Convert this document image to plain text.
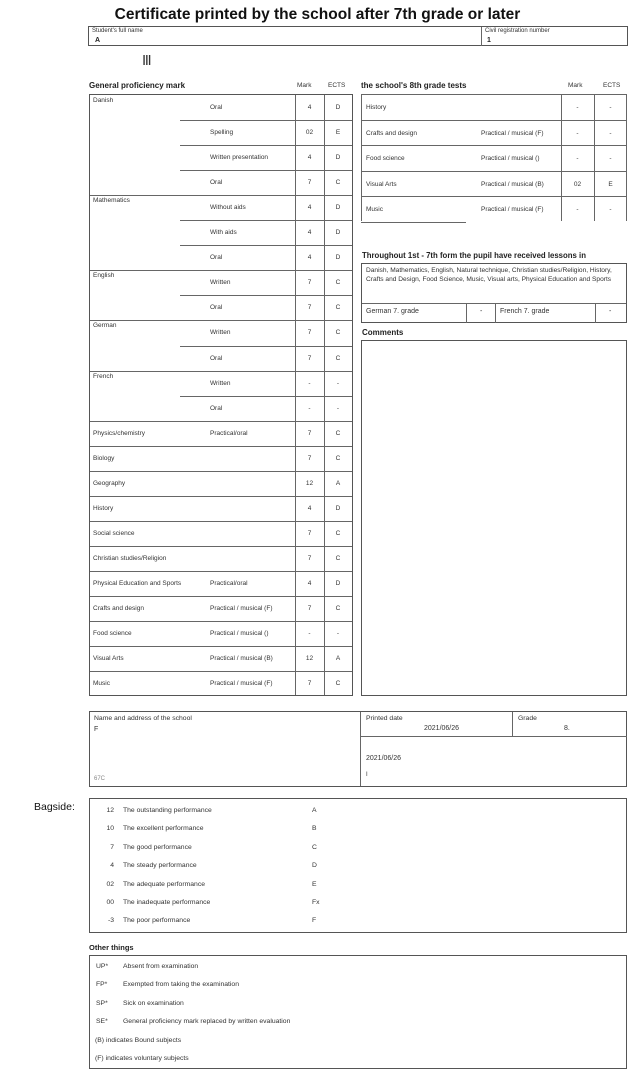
Certificate printed by the school after 7th grade or later
Student's full name
A
Civil registration number
1
Ⅲ
General proficiency mark	Mark	ECTS
Danish
Oral	4	D
Spelling	02	E
Written presentation	4	D
Oral	7	C
Mathematics
Without aids	4	D
With aids	4	D
Oral	4	D
English
Written	7	C
Oral	7	C
German
Written	7	C
Oral	7	C
French
Written	-	-
Oral	-	-
Physics/chemistry	Practical/oral	7	C
Biology	7	C
Geography	12	A
History	4	D
Social science	7	C
Christian studies/Religion	7	C
Physical Education and Sports	Practical/oral	4	D
Crafts and design	Practical / musical (F)	7	C
Food science	Practical / musical ()	-	-
Visual Arts	Practical / musical (B)	12	A
Music	Practical / musical (F)	7	C
the school's 8th grade tests	Mark	ECTS
History	-	-
Crafts and design	Practical / musical (F)	-	-
Food science	Practical / musical ()	-	-
Visual Arts	Practical / musical (B)	02	E
Music	Practical / musical (F)	-	-
Throughout 1st - 7th form the pupil have received lessons in
Danish, Mathematics, English, Natural technique, Christian studies/Religion, History, Crafts and Design, Food Science, Music, Visual arts, Physical Education and Sports
German 7. grade	-	French 7. grade	-
Comments
Name and address of the school
F
67C
Printed date
2021/06/26
Grade
8.
2021/06/26
I
Bagside:	12 The outstanding performance	A
10 The excellent performance	B
7 The good performance	C
4 The steady performance	D
02 The adequate performance	E
00 The inadequate performance	Fx
-3 The poor performance	F
Other things
UP* Absent from examination
FP* Exempted from taking the examination
SP* Sick on examination
SE* General proficiency mark replaced by written evaluation
(B) indicates Bound subjects
(F) indicates voluntary subjects
